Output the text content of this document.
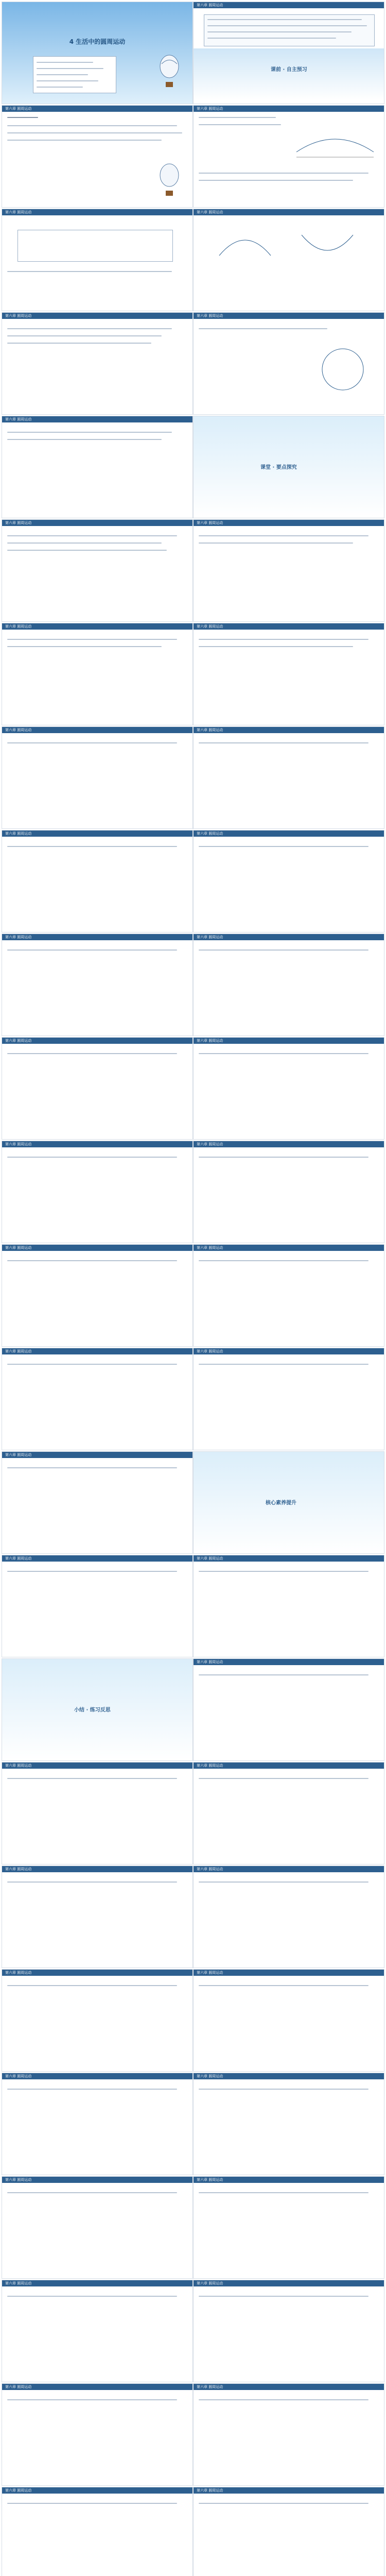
4 生活中的圆周运动
第六章 圆周运动
课前 · 自主预习
第六章 圆周运动	第六章 圆周运动
第六章 圆周运动	第六章 圆周运动
第六章 圆周运动	第六章 圆周运动
第六章 圆周运动
课堂 · 要点探究
第六章 圆周运动	第六章 圆周运动
第六章 圆周运动	第六章 圆周运动
第六章 圆周运动	第六章 圆周运动
第六章 圆周运动	第六章 圆周运动
第六章 圆周运动	第六章 圆周运动
第六章 圆周运动	第六章 圆周运动
第六章 圆周运动	第六章 圆周运动
第六章 圆周运动	第六章 圆周运动
第六章 圆周运动	第六章 圆周运动
第六章 圆周运动
核心素养提升
第六章 圆周运动	第六章 圆周运动
小结 · 练习反思
第六章 圆周运动
第六章 圆周运动	第六章 圆周运动
第六章 圆周运动	第六章 圆周运动
第六章 圆周运动	第六章 圆周运动
第六章 圆周运动	第六章 圆周运动
第六章 圆周运动	第六章 圆周运动
第六章 圆周运动	第六章 圆周运动
第六章 圆周运动	第六章 圆周运动
第六章 圆周运动	第六章 圆周运动
